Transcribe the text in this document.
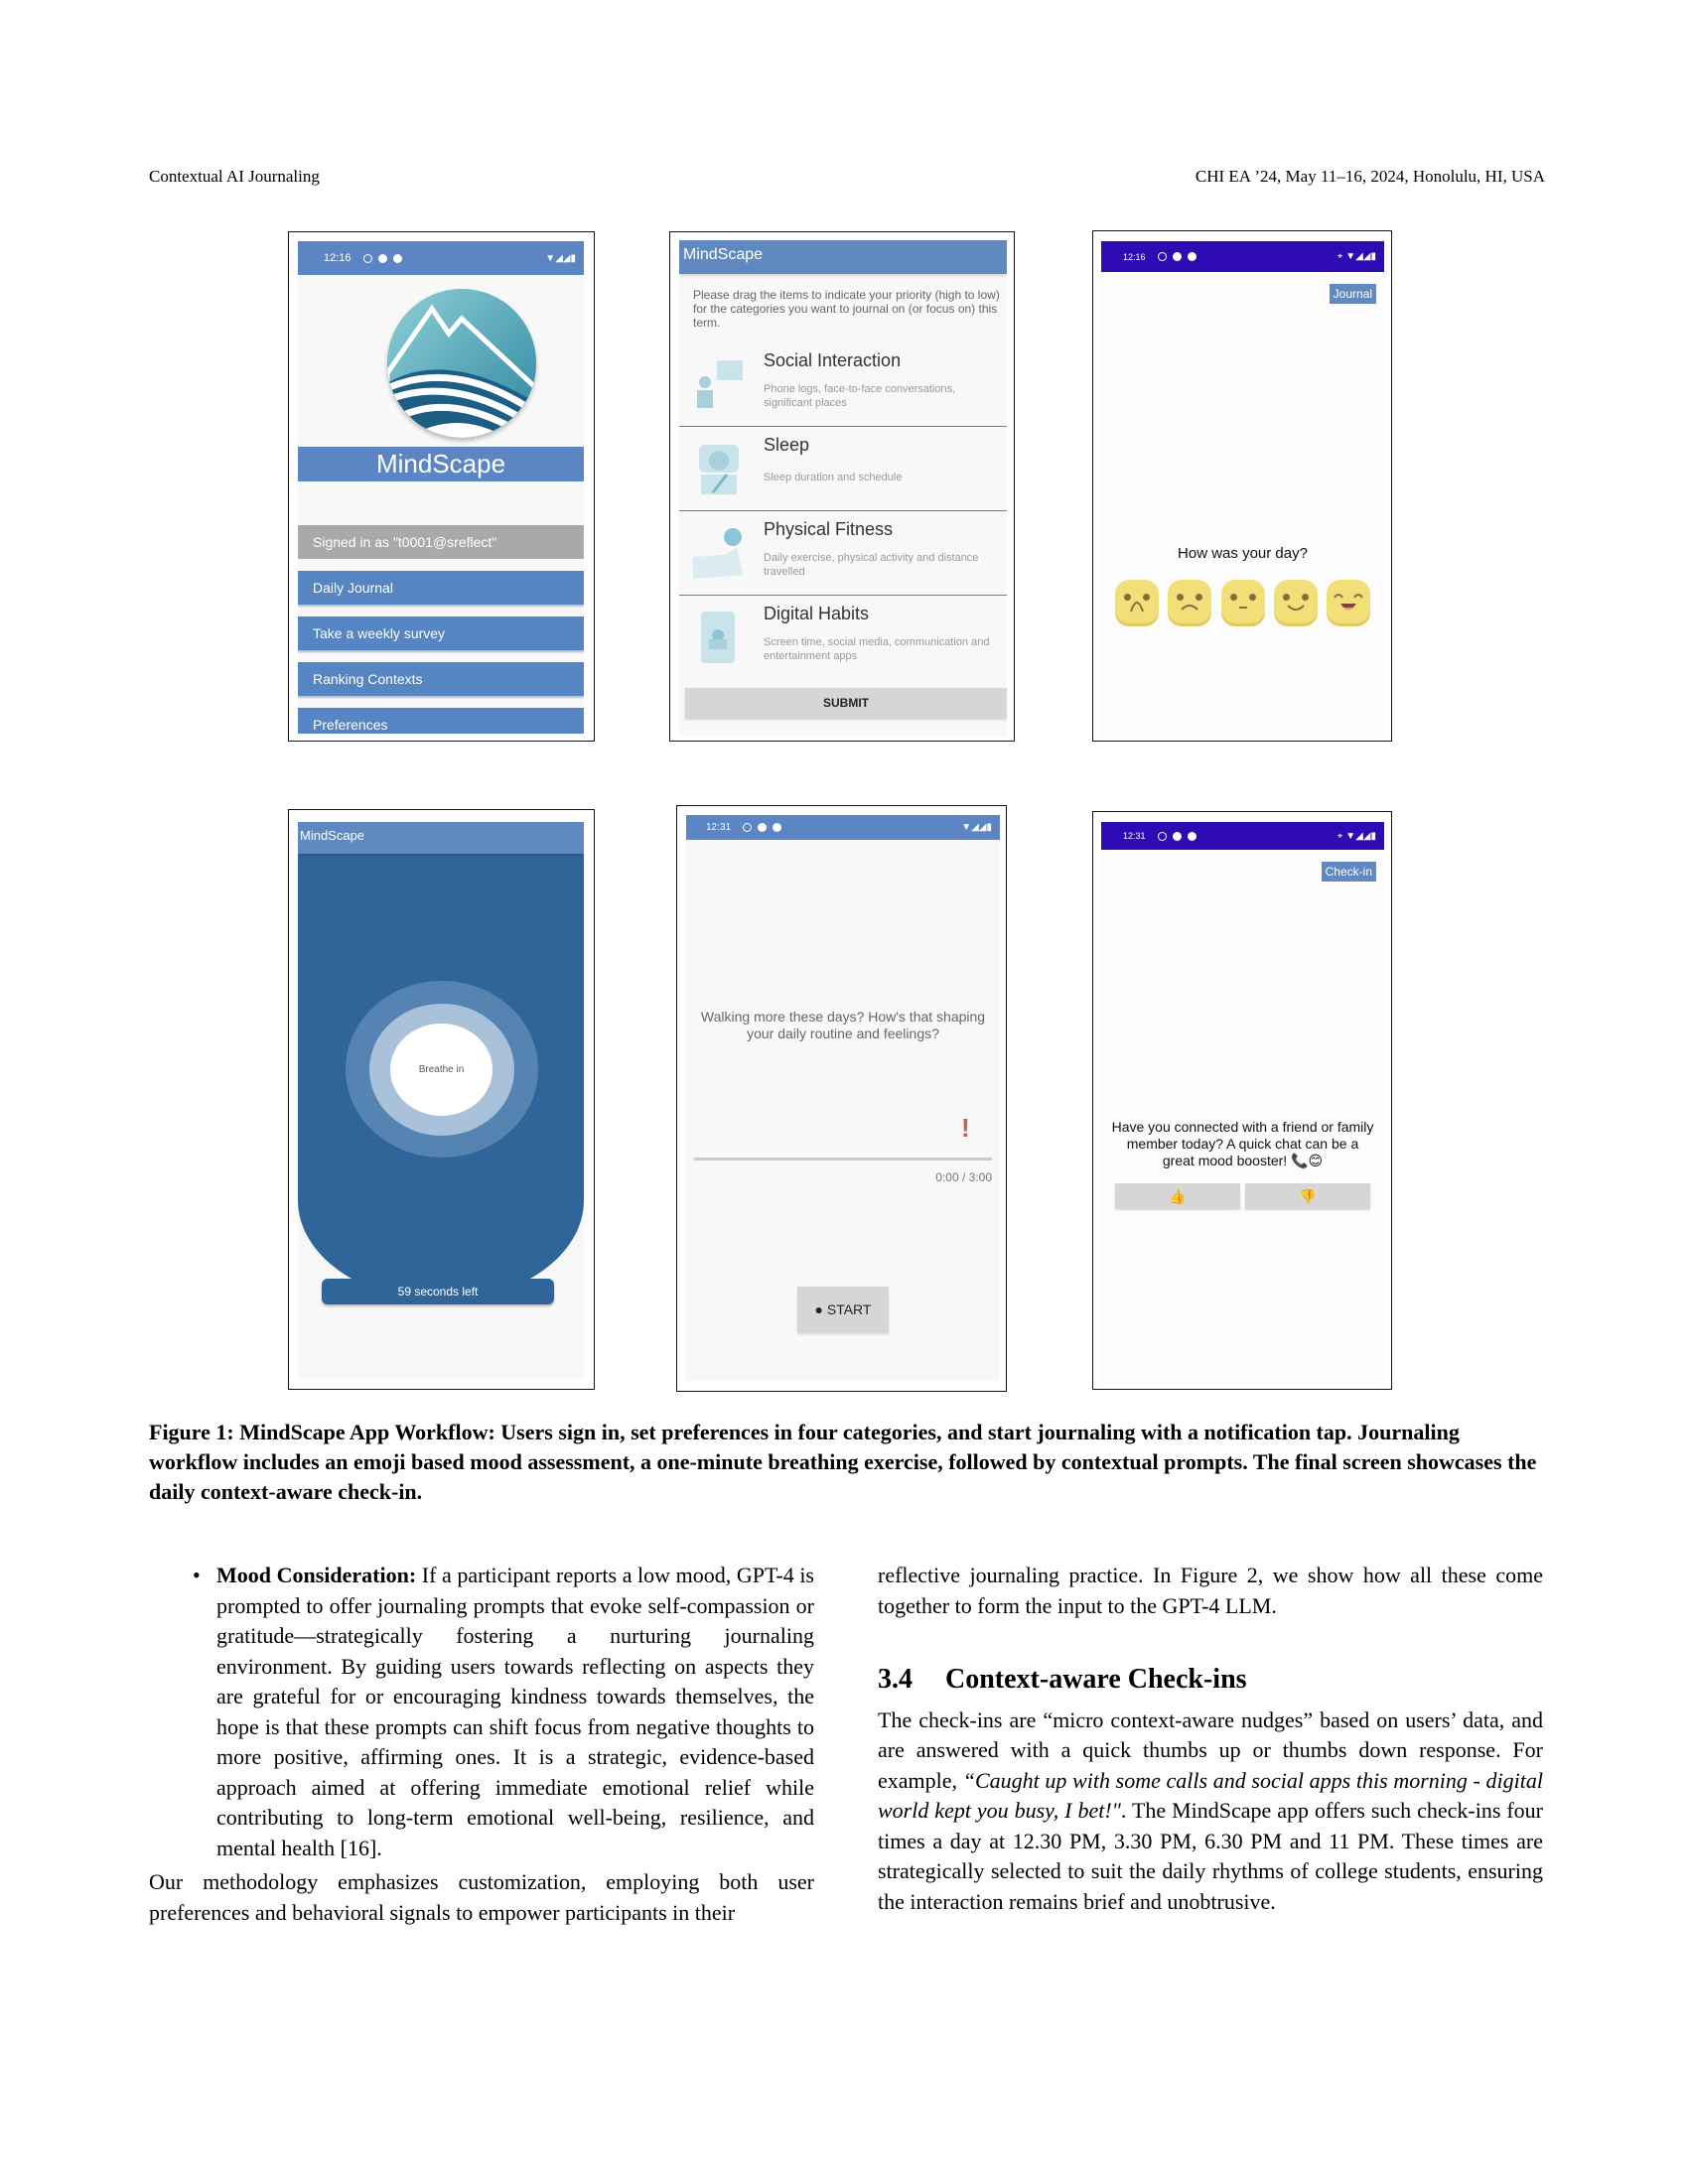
Contextual AI Journaling	CHI EA ’24, May 11–16, 2024, Honolulu, HI, USA
12:16	▼◢◢▮
MindScape
Signed in as "t0001@sreflect"
Daily Journal
Take a weekly survey
Ranking Contexts
Preferences
MindScape
Please drag the items to indicate your priority (high to low) for the categories you want to journal on (or focus on) this term.
Social Interaction
Phone logs, face-to-face conversations, significant places
Sleep
Sleep duration and schedule
Physical Fitness
Daily exercise, physical activity and distance travelled
Digital Habits
Screen time, social media, communication and entertainment apps
SUBMIT
12:16	⌖ ▼◢◢▮
Journal
How was your day?
MindScape
Breathe in
59 seconds left
12:31	▼◢◢▮
Walking more these days? How's that shaping your daily routine and feelings?
!
0:00 / 3:00
● START
12:31	⌖ ▼◢◢▮
Check-in
Have you connected with a friend or family member today? A quick chat can be a great mood booster! 📞😊
👍	👎
Figure 1: MindScape App Workflow: Users sign in, set preferences in four categories, and start journaling with a notification tap. Journaling workflow includes an emoji based mood assessment, a one-minute breathing exercise, followed by contextual prompts. The final screen showcases the daily context-aware check-in.
• Mood Consideration: If a participant reports a low mood, GPT-4 is prompted to offer journaling prompts that evoke self-compassion or gratitude—strategically fostering a nurturing journaling environment. By guiding users towards reflecting on aspects they are grateful for or encouraging kindness towards themselves, the hope is that these prompts can shift focus from negative thoughts to more positive, affirming ones. It is a strategic, evidence-based approach aimed at offering immediate emotional relief while contributing to long-term emotional well-being, resilience, and mental health [16].

Our methodology emphasizes customization, employing both user preferences and behavioral signals to empower participants in their

reflective journaling practice. In Figure 2, we show how all these come together to form the input to the GPT-4 LLM.

3.4 Context-aware Check-ins

The check-ins are “micro context-aware nudges” based on users’ data, and are answered with a quick thumbs up or thumbs down response. For example, “Caught up with some calls and social apps this morning - digital world kept you busy, I bet!". The MindScape app offers such check-ins four times a day at 12.30 PM, 3.30 PM, 6.30 PM and 11 PM. These times are strategically selected to suit the daily rhythms of college students, ensuring the interaction remains brief and unobtrusive.
